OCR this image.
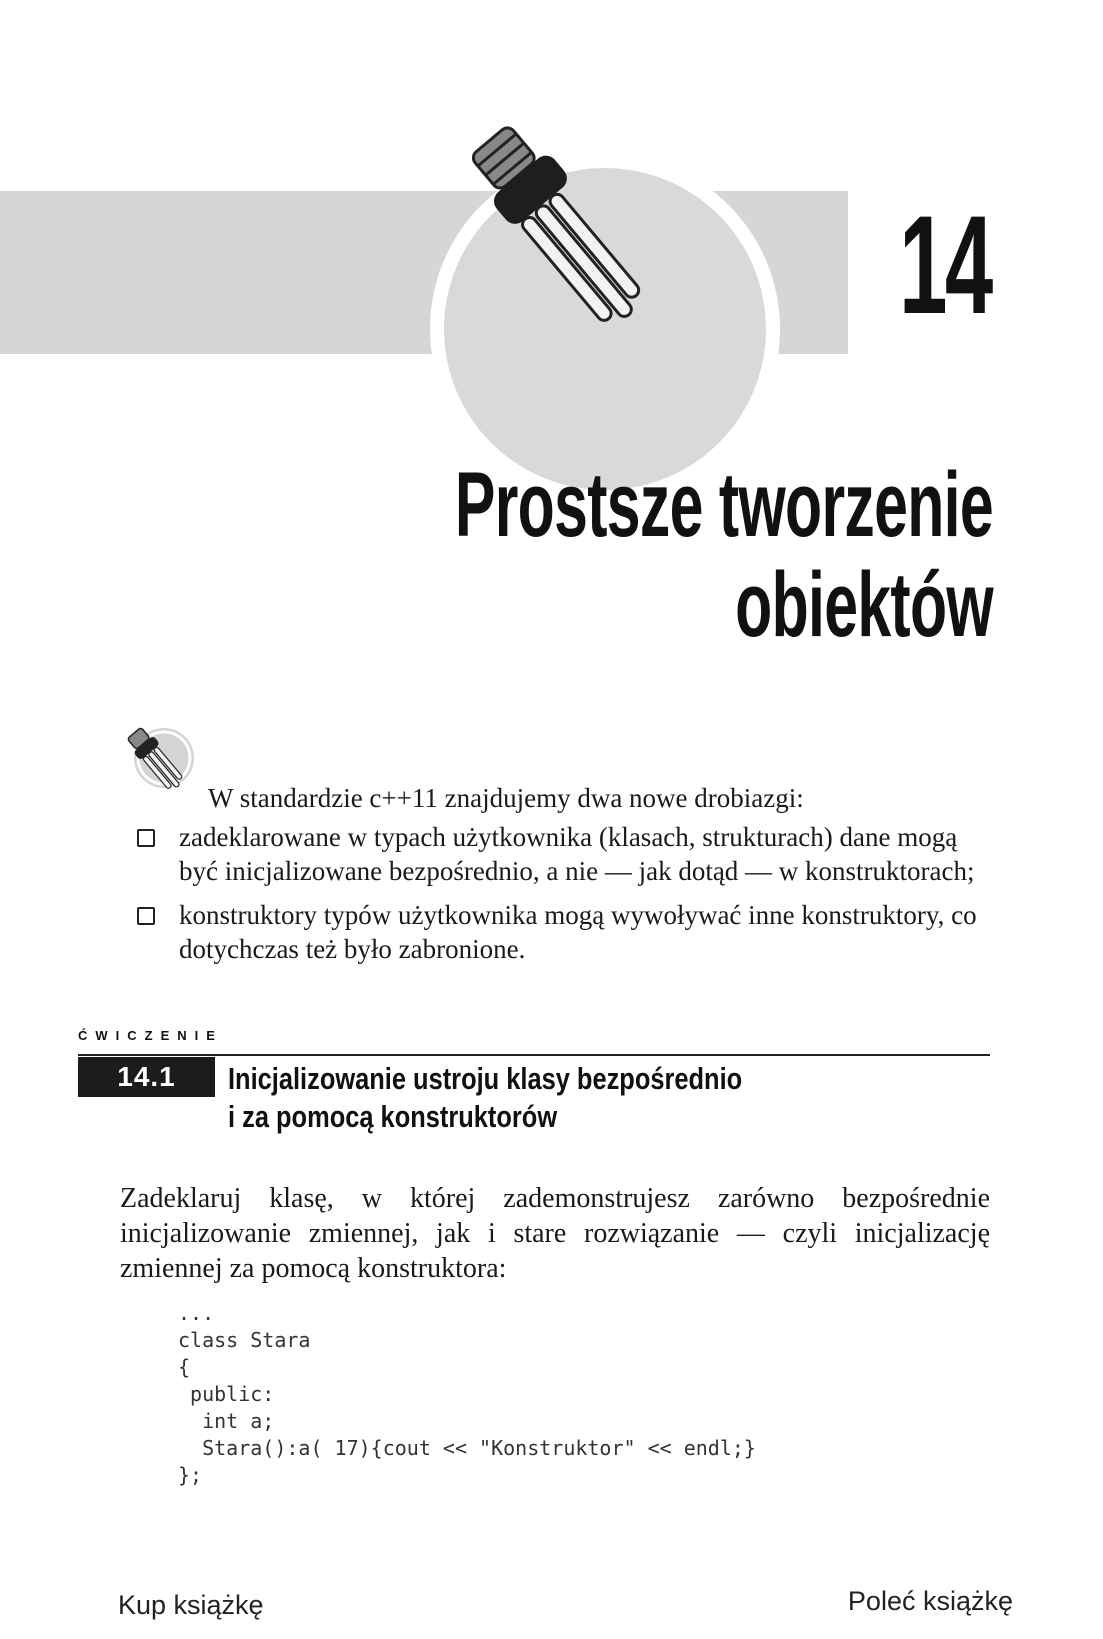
14
Prostsze tworzenie
obiektów
W standardzie c++11 znajdujemy dwa nowe drobiazgi:
zadeklarowane w typach użytkownika (klasach, strukturach) dane mogą być inicjalizowane bezpośrednio, a nie — jak dotąd — w konstruktorach;
konstruktory typów użytkownika mogą wywoływać inne konstruktory, co dotychczas też było zabronione.
ĆWICZENIE
14.1	Inicjalizowanie ustroju klasy bezpośrednio
i za pomocą konstruktorów
Zadeklaruj klasę, w której zademonstrujesz zarówno bezpośrednie inicjalizowanie zmiennej, jak i stare rozwiązanie — czyli inicjalizację zmiennej za pomocą konstruktora:
...
class Stara
{
public:
int a;
Stara():a( 17){cout << "Konstruktor" << endl;}
};
Kup książkę	Poleć książkę
